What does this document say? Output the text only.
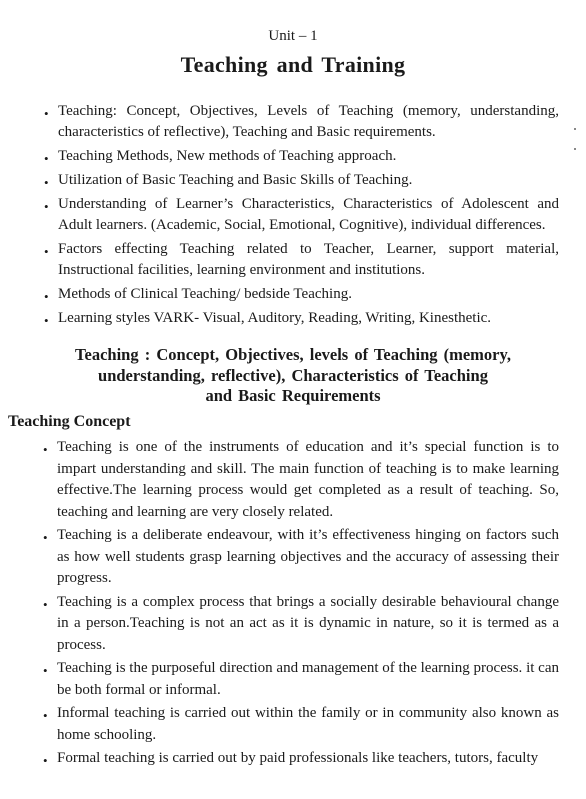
Unit – 1
Teaching and Training
• Teaching: Concept, Objectives, Levels of Teaching (memory, understanding, characteristics of reflective), Teaching and Basic requirements.
• Teaching Methods, New methods of Teaching approach.
• Utilization of Basic Teaching and Basic Skills of Teaching.
• Understanding of Learner’s Characteristics, Characteristics of Adolescent and Adult learners. (Academic, Social, Emotional, Cognitive), individual differences.
• Factors effecting Teaching related to Teacher, Learner, support material, Instructional facilities, learning environment and institutions.
• Methods of Clinical Teaching/ bedside Teaching.
• Learning styles VARK- Visual, Auditory, Reading, Writing, Kinesthetic.
Teaching : Concept, Objectives, levels of Teaching (memory,
understanding, reflective), Characteristics of Teaching
and Basic Requirements
Teaching Concept
• Teaching is one of the instruments of education and it’s special function is to impart understanding and skill. The main function of teaching is to make learning effective.The learning process would get completed as a result of teaching. So, teaching and learning are very closely related.
• Teaching is a deliberate endeavour, with it’s effectiveness hinging on factors such as how well students grasp learning objectives and the accuracy of assessing their progress.
• Teaching is a complex process that brings a socially desirable behavioural change in a person.Teaching is not an act as it is dynamic in nature, so it is termed as a process.
• Teaching is the purposeful direction and management of the learning process. it can be both formal or informal.
• Informal teaching is carried out within the family or in community also known as home schooling.
• Formal teaching is carried out by paid professionals like teachers, tutors, faculty
